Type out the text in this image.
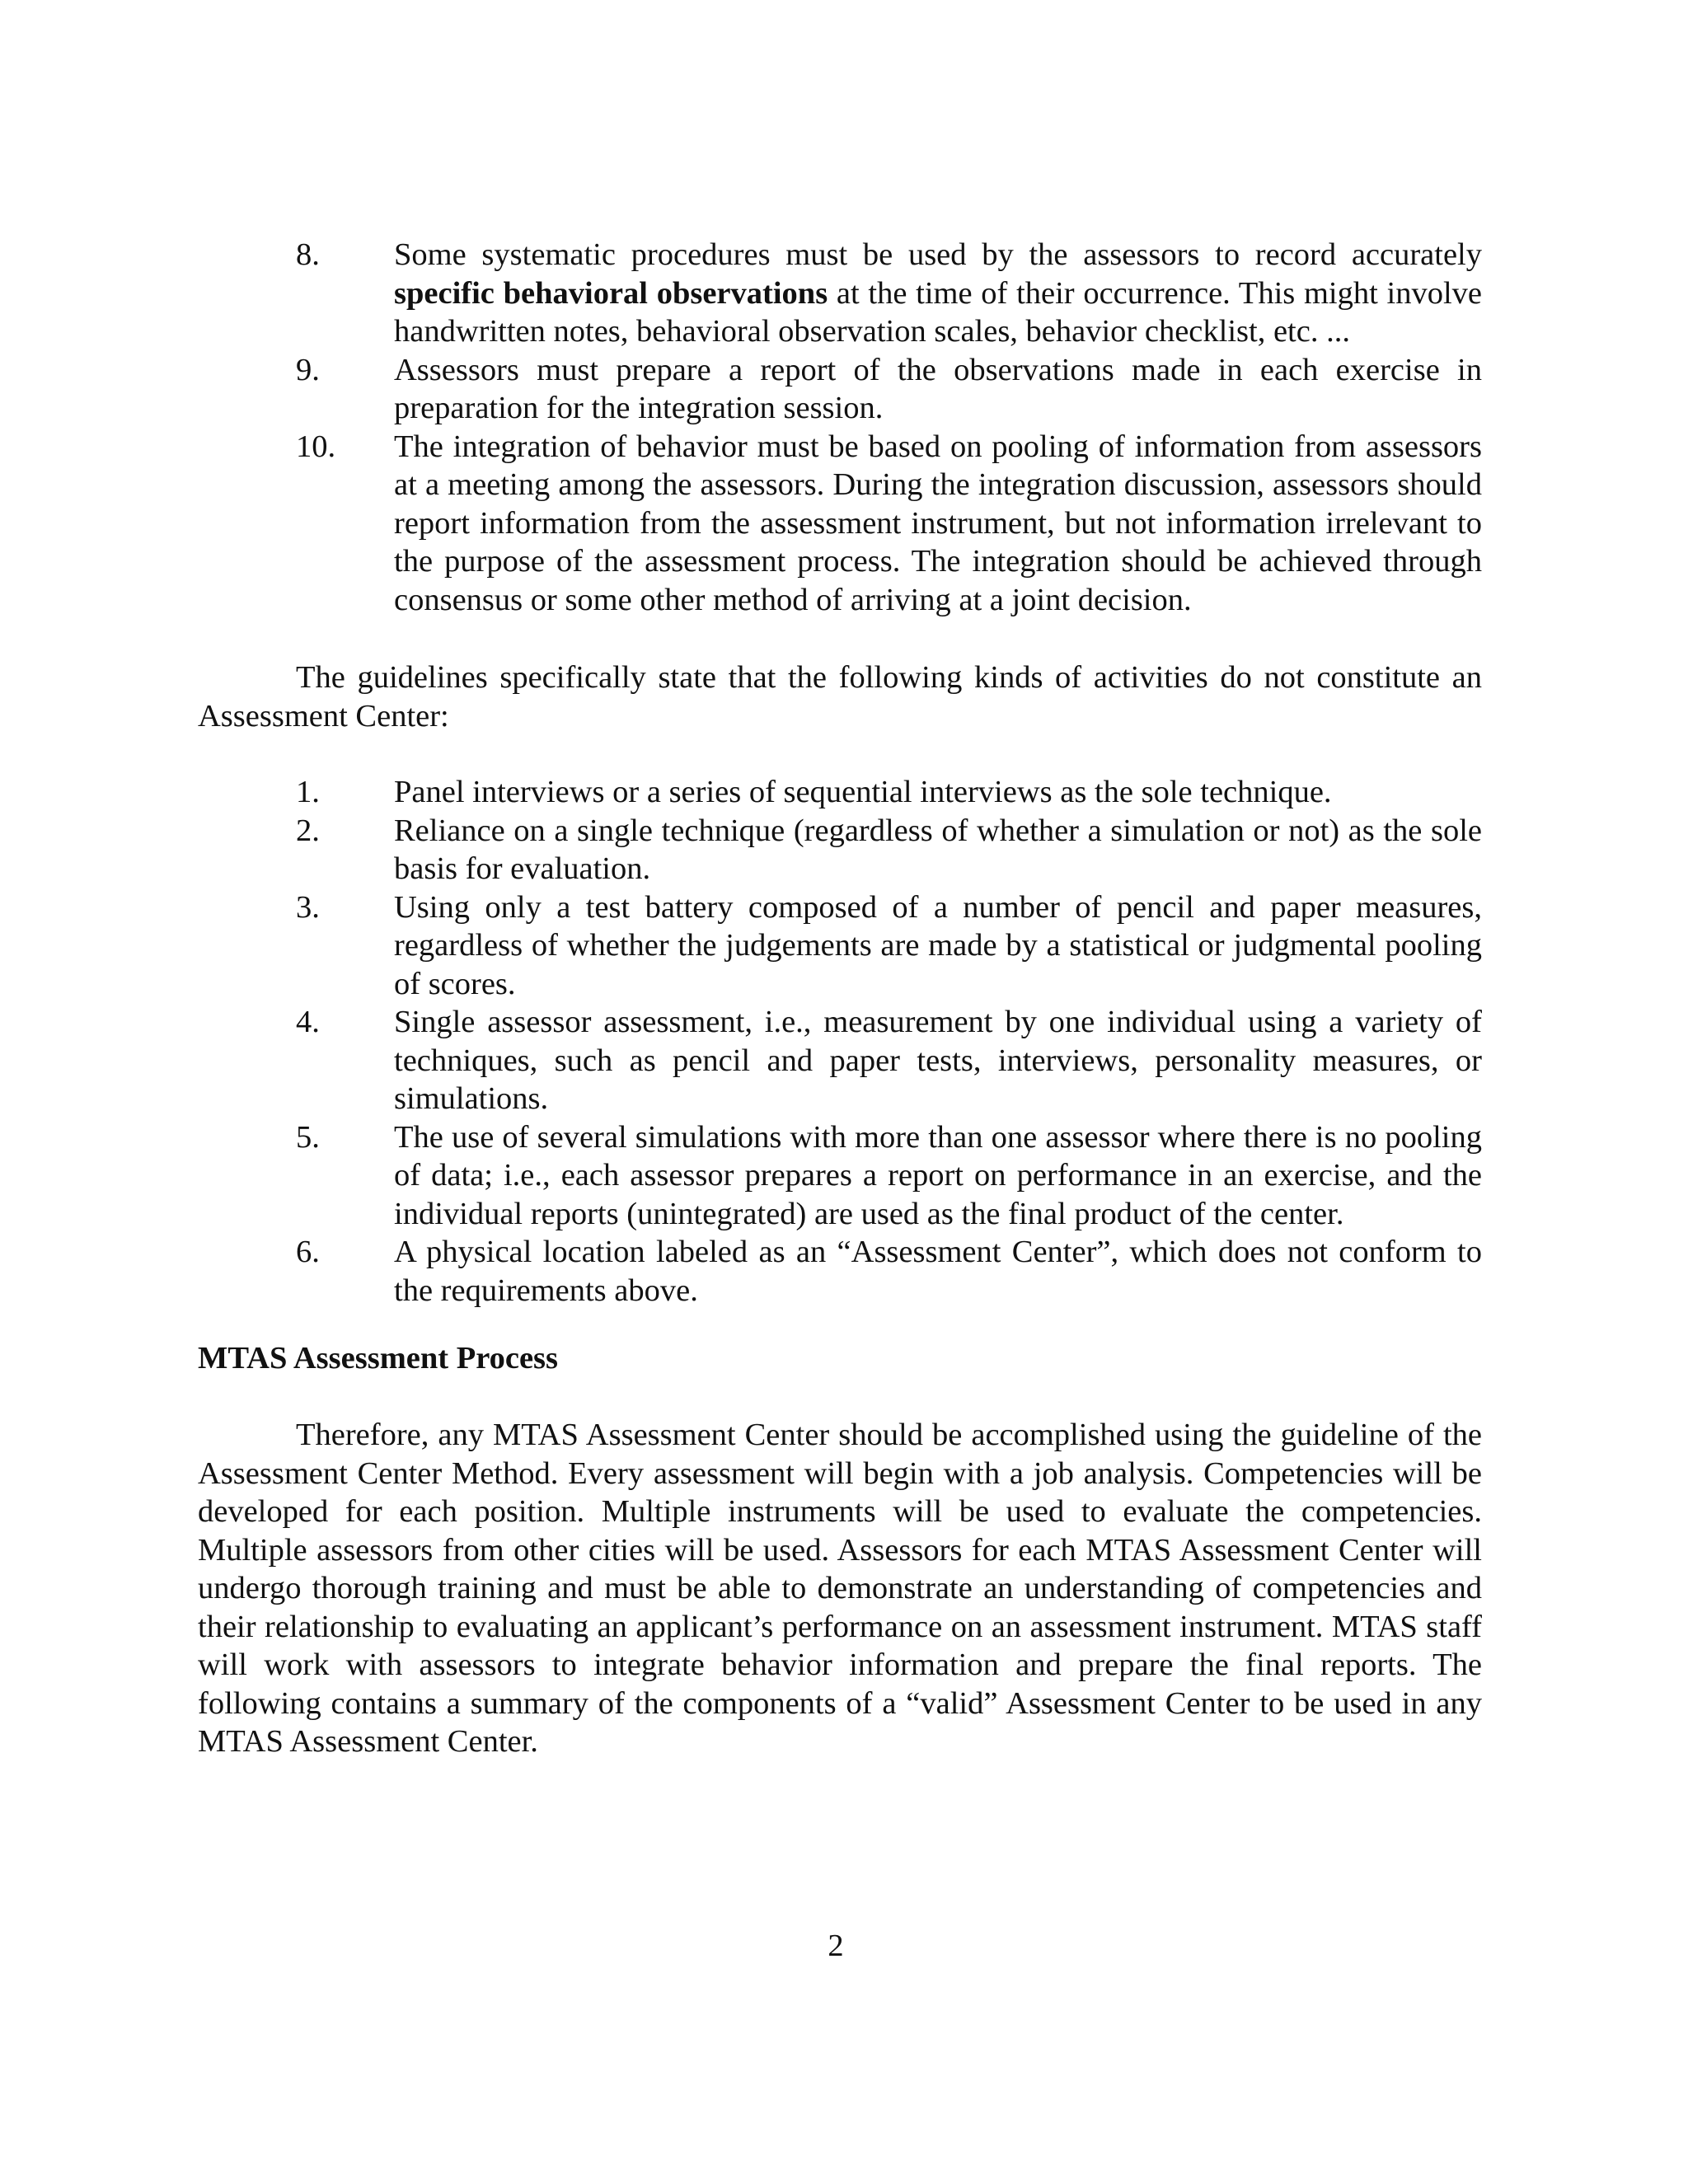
8. Some systematic procedures must be used by the assessors to record accurately specific behavioral observations at the time of their occurrence. This might involve handwritten notes, behavioral observation scales, behavior checklist, etc. ...
9. Assessors must prepare a report of the observations made in each exercise in preparation for the integration session.
10. The integration of behavior must be based on pooling of information from assessors at a meeting among the assessors. During the integration discussion, assessors should report information from the assessment instrument, but not information irrelevant to the purpose of the assessment process. The integration should be achieved through consensus or some other method of arriving at a joint decision.
The guidelines specifically state that the following kinds of activities do not constitute an Assessment Center:
1. Panel interviews or a series of sequential interviews as the sole technique.
2. Reliance on a single technique (regardless of whether a simulation or not) as the sole basis for evaluation.
3. Using only a test battery composed of a number of pencil and paper measures, regardless of whether the judgements are made by a statistical or judgmental pooling of scores.
4. Single assessor assessment, i.e., measurement by one individual using a variety of techniques, such as pencil and paper tests, interviews, personality measures, or simulations.
5. The use of several simulations with more than one assessor where there is no pooling of data; i.e., each assessor prepares a report on performance in an exercise, and the individual reports (unintegrated) are used as the final product of the center.
6. A physical location labeled as an “Assessment Center”, which does not conform to the requirements above.
MTAS Assessment Process
Therefore, any MTAS Assessment Center should be accomplished using the guideline of the Assessment Center Method. Every assessment will begin with a job analysis. Competencies will be developed for each position. Multiple instruments will be used to evaluate the competencies. Multiple assessors from other cities will be used. Assessors for each MTAS Assessment Center will undergo thorough training and must be able to demonstrate an understanding of competencies and their relationship to evaluating an applicant’s performance on an assessment instrument. MTAS staff will work with assessors to integrate behavior information and prepare the final reports. The following contains a summary of the components of a “valid” Assessment Center to be used in any MTAS Assessment Center.
2
